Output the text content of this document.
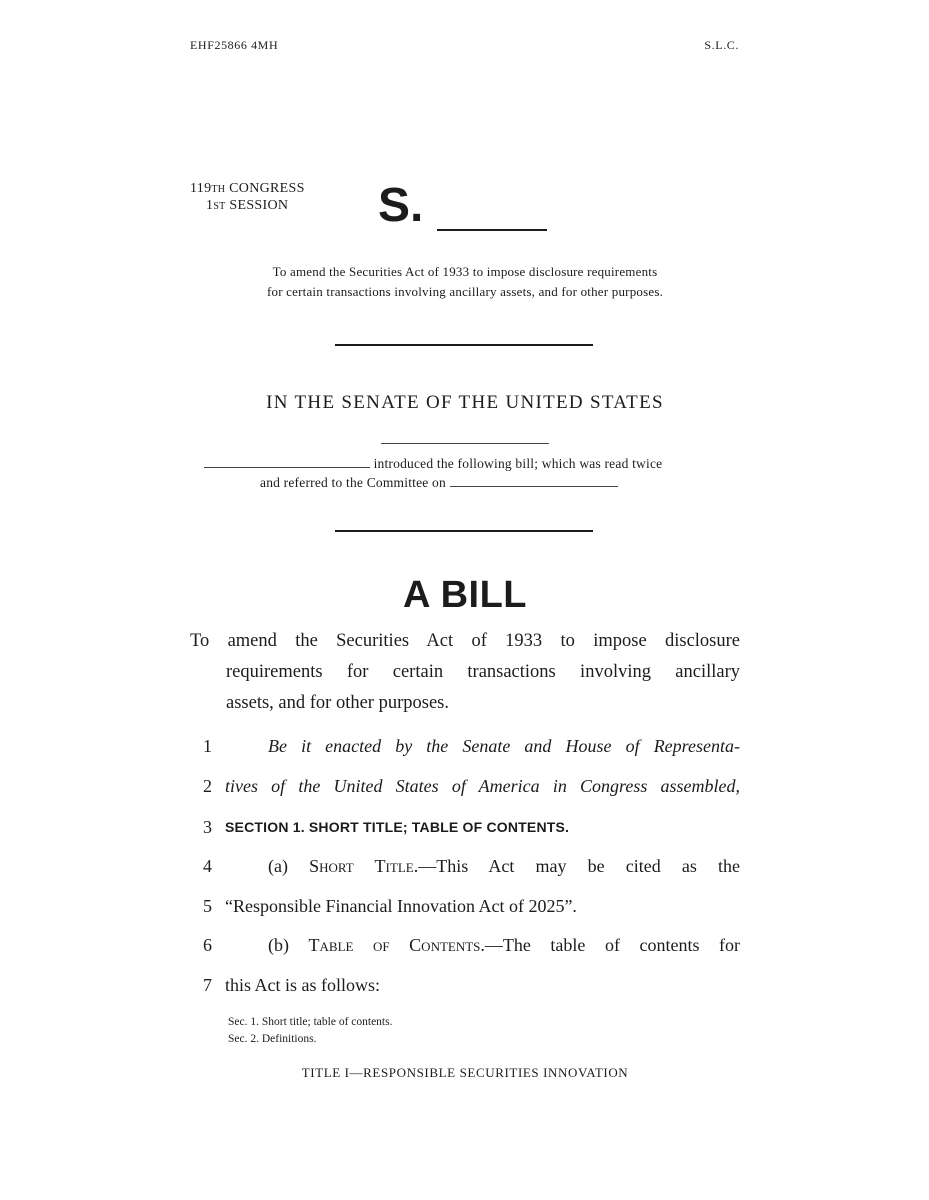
EHF25866 4MH	S.L.C.
119TH CONGRESS
1ST SESSION S.
To amend the Securities Act of 1933 to impose disclosure requirements
for certain transactions involving ancillary assets, and for other purposes.
IN THE SENATE OF THE UNITED STATES
introduced the following bill; which was read twice
and referred to the Committee on
A BILL
To amend the Securities Act of 1933 to impose disclosure
requirements for certain transactions involving ancillary
assets, and for other purposes.
1	Be it enacted by the Senate and House of Representa-
2 tives of the United States of America in Congress assembled,
3 SECTION 1. SHORT TITLE; TABLE OF CONTENTS.
4	(a) Short Title.—This Act may be cited as the
5 “Responsible Financial Innovation Act of 2025”.
6	(b) Table of Contents.—The table of contents for
7 this Act is as follows:
Sec. 1. Short title; table of contents.
Sec. 2. Definitions.
TITLE I—RESPONSIBLE SECURITIES INNOVATION
